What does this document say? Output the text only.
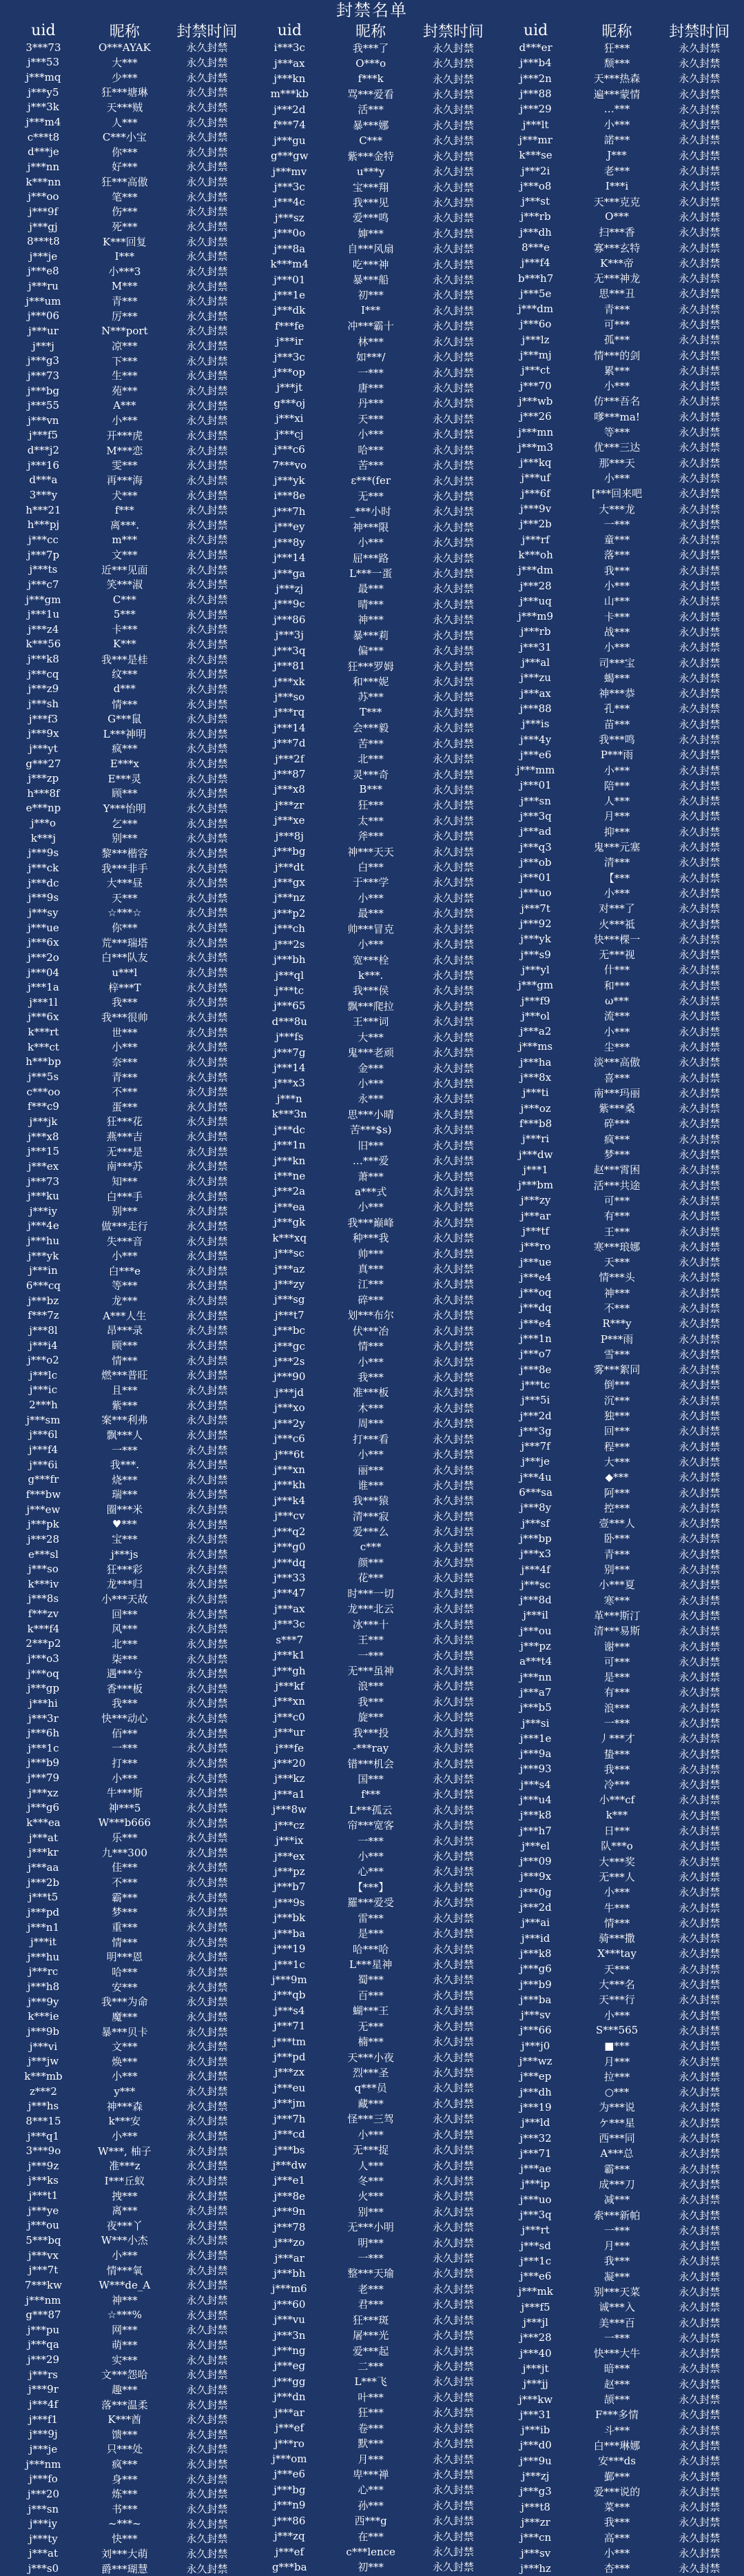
封禁名单
uid	昵称	封禁时间
3***73	O***AYAK	永久封禁
j***53	大***	永久封禁
j***mq	少***	永久封禁
j***y5	狂***塘琳	永久封禁
j***3k	天***贼	永久封禁
j***m4	人***	永久封禁
c***t8	C***小宝	永久封禁
d***je	你***	永久封禁
j***nn	好***	永久封禁
k***nn	狂***高傲	永久封禁
j***oo	笔***	永久封禁
j***9f	伤***	永久封禁
j***gj	死***	永久封禁
8***t8	K***回复	永久封禁
j***je	I***	永久封禁
j***e8	小***3	永久封禁
j***ru	M***	永久封禁
j***um	青***	永久封禁
j***06	厉***	永久封禁
j***ur	N***port	永久封禁
j***j	凉***	永久封禁
j***g3	下***	永久封禁
j***73	生***	永久封禁
j***bg	苑***	永久封禁
j***55	A***	永久封禁
j***vn	小***	永久封禁
j***f5	开***虎	永久封禁
d***j2	M***恋	永久封禁
j***16	雯***	永久封禁
d***a	再***海	永久封禁
3***y	犬***	永久封禁
h***21	f***	永久封禁
h***pj	离***.	永久封禁
j***cc	m***	永久封禁
j***7p	文***	永久封禁
j***ts	近***见面	永久封禁
j***c7	笑***淑	永久封禁
j***gm	C***	永久封禁
j***1u	5***	永久封禁
j***z4	卡***	永久封禁
k***56	K***	永久封禁
j***k8	我***是桂	永久封禁
j***cq	纹***	永久封禁
j***z9	d***	永久封禁
j***sh	情***	永久封禁
j***f3	G***鼠	永久封禁
j***9x	L***神明	永久封禁
j***yt	疯***	永久封禁
g***27	E***x	永久封禁
j***zp	E***灵	永久封禁
h***8f	顾***	永久封禁
e***np	Y***怡明	永久封禁
j***o	乞***	永久封禁
k***j	别***	永久封禁
j***9s	黎***楷容	永久封禁
j***ck	我***非手	永久封禁
j***dc	大***昼	永久封禁
j***9s	天***	永久封禁
j***sy	☆***☆	永久封禁
j***ue	你***	永久封禁
j***6x	荒***瑞塔	永久封禁
j***2o	白***队友	永久封禁
j***04	u***l	永久封禁
j***1a	梓***T	永久封禁
j***1l	我***	永久封禁
j***6x	我***很帅	永久封禁
k***rt	世***	永久封禁
k***ct	小***	永久封禁
h***bp	奈***	永久封禁
j***5s	青***	永久封禁
c***oo	不***	永久封禁
f***c9	蛋***	永久封禁
j***jk	狂***花	永久封禁
j***x8	燕***吉	永久封禁
j***15	无***是	永久封禁
j***ex	南***苏	永久封禁
j***73	知***	永久封禁
j***ku	白***手	永久封禁
j***iy	别***	永久封禁
j***4e	做***走行	永久封禁
j***hu	失***音	永久封禁
j***yk	小***	永久封禁
j***in	白***e	永久封禁
6***cq	等***	永久封禁
j***bz	龙***	永久封禁
f***7z	A***人生	永久封禁
j***8l	昂***录	永久封禁
j***i4	顾***	永久封禁
j***o2	情***	永久封禁
j***lc	燃***普旺	永久封禁
j***ic	且***	永久封禁
2***h	紫***	永久封禁
j***sm	案***利弗	永久封禁
j***6l	飘***人	永久封禁
j***f4	一***	永久封禁
j***6i	我***.	永久封禁
g***fr	烧***	永久封禁
f***bw	瑞***	永久封禁
j***ew	圈***米	永久封禁
j***pk	♥***	永久封禁
j***28	宝***	永久封禁
e***sl	j***js	永久封禁
j***so	狂***彩	永久封禁
k***iv	龙***归	永久封禁
j***8s	小***天故	永久封禁
f***zv	回***	永久封禁
k***f4	风***	永久封禁
2***p2	北***	永久封禁
j***o3	柒***	永久封禁
j***oq	遇***兮	永久封禁
j***gp	香***板	永久封禁
j***hi	我***	永久封禁
j***3r	快***动心	永久封禁
j***6h	佰***	永久封禁
j***1c	一***	永久封禁
j***b9	打***	永久封禁
j***79	小***	永久封禁
j***xz	牛***斯	永久封禁
j***g6	神***5	永久封禁
k***ea	W***b666	永久封禁
j***at	乐***	永久封禁
j***kr	九***300	永久封禁
j***aa	佳***	永久封禁
j***2b	不***	永久封禁
j***t5	霸***	永久封禁
j***pd	梦***	永久封禁
j***n1	重***	永久封禁
j***it	情***	永久封禁
j***hu	明***恩	永久封禁
j***rc	哈***	永久封禁
j***h8	安***	永久封禁
j***9y	我***为命	永久封禁
k***ie	魔***	永久封禁
j***9b	暴***贝卡	永久封禁
j***vi	文***	永久封禁
j***jw	焕***	永久封禁
k***mb	小***	永久封禁
z***2	y***	永久封禁
j***hs	神***森	永久封禁
8***15	k***安	永久封禁
j***q1	小***	永久封禁
3***9o	W***, 柚子	永久封禁
j***9z	准***z	永久封禁
j***ks	I***丘蚁	永久封禁
j***t1	拽***	永久封禁
j***ye	离***	永久封禁
j***ou	夜***丫	永久封禁
5***bq	W***小杰	永久封禁
j***vx	小***	永久封禁
j***7t	情***氧	永久封禁
7***kw	W***de_A	永久封禁
j***nm	神***	永久封禁
g***87	☆***%	永久封禁
j***pu	网***	永久封禁
j***qa	萌***	永久封禁
j***29	实***	永久封禁
j***rs	文***怨哈	永久封禁
j***9r	趣***	永久封禁
j***4f	落***温柔	永久封禁
j***f1	K***酋	永久封禁
j***9j	馈***	永久封禁
j***je	只***处	永久封禁
j***nm	疯***	永久封禁
j***fo	身***	永久封禁
j***20	炼***	永久封禁
j***sn	书***	永久封禁
j***iy	~***~	永久封禁
j***ty	快***	永久封禁
j***at	刘***大萌	永久封禁
j***s0	爵***瑚慧	永久封禁
uid	昵称	封禁时间
i***3c	我***了	永久封禁
j***ax	O***o	永久封禁
j***kn	f***k	永久封禁
m***kb	骂***爱看	永久封禁
j***2d	活***	永久封禁
f***74	暴***娜	永久封禁
j***gu	C***	永久封禁
g***gw	紫***金特	永久封禁
j***mv	u***y	永久封禁
j***3c	宝***翔	永久封禁
j***4c	我***见	永久封禁
j***sz	爱***鸣	永久封禁
j***0o	婶***	永久封禁
j***8a	自***风扇	永久封禁
k***m4	吃***神	永久封禁
j***01	暴***船	永久封禁
j***1e	初***	永久封禁
j***dk	I***	永久封禁
f***fe	冲***霸十	永久封禁
j***ir	林***	永久封禁
j***3c	如***/	永久封禁
j***op	一***	永久封禁
j***jt	唐***	永久封禁
g***oj	丹***	永久封禁
j***xi	天***	永久封禁
j***cj	小***	永久封禁
j***c6	哈***	永久封禁
7***vo	苦***	永久封禁
j***yk	ε***(fer	永久封禁
i***8e	无***	永久封禁
j***7h	_***小时	永久封禁
j***ey	神***限	永久封禁
j***8y	小***	永久封禁
j***14	屈***路	永久封禁
j***ga	L***一蛋	永久封禁
j***zj	最***	永久封禁
j***9c	晴***	永久封禁
j***86	神***	永久封禁
j***3j	暴***莉	永久封禁
j***3q	偏***	永久封禁
j***81	狂***罗姆	永久封禁
j***xk	和***妮	永久封禁
j***so	苏***	永久封禁
j***rq	T***	永久封禁
j***14	会***毅	永久封禁
j***7d	苦***	永久封禁
j***2f	北***	永久封禁
j***87	灵***奇	永久封禁
j***x8	B***	永久封禁
j***zr	狂***	永久封禁
j***xe	太***	永久封禁
j***8j	斧***	永久封禁
j***bg	神***天天	永久封禁
j***dt	白***	永久封禁
j***gx	于***学	永久封禁
j***nz	小***	永久封禁
j***p2	最***	永久封禁
j***ch	帅***冒克	永久封禁
j***2s	小***	永久封禁
j***bh	宽***栓	永久封禁
j***ql	k***.	永久封禁
j***tc	我***侯	永久封禁
j***65	飘***爬拉	永久封禁
d***8u	王***词	永久封禁
j***fs	大***	永久封禁
j***7g	鬼***老顽	永久封禁
j***14	金***	永久封禁
j***x3	小***	永久封禁
j***n	永***	永久封禁
k***3n	思***小晴	永久封禁
j***dc	苦***$s)	永久封禁
j***1n	旧***	永久封禁
j***kn	…***爱	永久封禁
i***ne	萧***	永久封禁
j***2a	a***式	永久封禁
j***ea	小***	永久封禁
j***gk	我***巅峰	永久封禁
k***xq	种***我	永久封禁
j***sc	帅***	永久封禁
j***az	真***	永久封禁
j***zy	江***	永久封禁
j***sg	碎***	永久封禁
j***t7	划***布尔	永久封禁
j***bc	伏***冶	永久封禁
j***gc	情***	永久封禁
j***2s	小***	永久封禁
j***90	我***	永久封禁
j***jd	准***板	永久封禁
j***xo	木***	永久封禁
j***2y	周***	永久封禁
j***c6	打***看	永久封禁
j***6t	小***	永久封禁
j***xn	丽***	永久封禁
j***kh	谁***	永久封禁
j***k4	我***猿	永久封禁
j***cv	清***寂	永久封禁
j***q2	爱***么	永久封禁
j***g0	c***	永久封禁
j***dq	颜***	永久封禁
j***33	花***	永久封禁
j***47	时***一切	永久封禁
j***ax	龙***北云	永久封禁
j***3c	冰***十	永久封禁
s***7	王***	永久封禁
j***k1	一***	永久封禁
j***gh	无***虽神	永久封禁
j***kf	浪***	永久封禁
j***xn	我***	永久封禁
j***c0	旋***	永久封禁
j***ur	我***投	永久封禁
j***fe	-***ray	永久封禁
j***20	错***机会	永久封禁
j***kz	国***	永久封禁
j***a1	f***	永久封禁
j***8w	L***孤云	永久封禁
j***cz	帘***宽客	永久封禁
j***ix	一***	永久封禁
j***ex	小***	永久封禁
j***pz	心***	永久封禁
j***b7	【***】	永久封禁
j***9s	羅***爱受	永久封禁
j***bk	雷***	永久封禁
j***ba	是***	永久封禁
j***19	哈***哈	永久封禁
j***1c	L***星神	永久封禁
j***9m	蜀***	永久封禁
j***qb	百***	永久封禁
j***s4	蝴***王	永久封禁
j***71	无***	永久封禁
j***tm	楠***	永久封禁
j***pd	天***小夜	永久封禁
j***zx	烈***圣	永久封禁
j***eu	q***员	永久封禁
j***jm	藏***	永久封禁
j***7h	怪***三驾	永久封禁
j***cd	小***	永久封禁
j***bs	无***捉	永久封禁
j***dw	人***	永久封禁
j***e1	冬***	永久封禁
j***8e	火***	永久封禁
j***9n	别***	永久封禁
j***78	无***小明	永久封禁
j***zo	明***	永久封禁
j***ar	一***	永久封禁
j***bh	整***天瑜	永久封禁
j***m6	老***	永久封禁
j***60	君***	永久封禁
j***vu	狂***斑	永久封禁
j***3n	屠***光	永久封禁
j***ng	爱***起	永久封禁
j***eg	二***	永久封禁
j***gg	L***飞	永久封禁
j***dn	叶***	永久封禁
j***ar	狂***	永久封禁
j***ef	卷***	永久封禁
j***ro	默***	永久封禁
j***om	月***	永久封禁
j***e6	卑***禅	永久封禁
j***bg	心***	永久封禁
j***n9	孙***	永久封禁
j***86	西***g	永久封禁
j***zq	在***	永久封禁
j***ef	c***lence	永久封禁
g***ba	初***	永久封禁
uid	昵称	封禁时间
d***er	狂***	永久封禁
j***b4	颓***	永久封禁
j***2n	天***热森	永久封禁
j***88	遍***蒙情	永久封禁
j***29	…***	永久封禁
j***lt	小***	永久封禁
j***mr	諾***	永久封禁
k***se	J***	永久封禁
j***2i	老***	永久封禁
j***o8	I***i	永久封禁
j***st	天***克克	永久封禁
j***rb	O***	永久封禁
j***dh	扫***香	永久封禁
8***e	寡***玄特	永久封禁
j***f4	K***帝	永久封禁
b***h7	无***神龙	永久封禁
j***5e	思***丑	永久封禁
j***dm	青***	永久封禁
j***6o	可***	永久封禁
j***lz	孤***	永久封禁
j***mj	情***的剑	永久封禁
j***ct	累***	永久封禁
j***70	小***	永久封禁
j***wb	仿***吾名	永久封禁
j***26	嗲***ma!	永久封禁
j***mn	等***	永久封禁
j***m3	优***三达	永久封禁
j***kq	那***天	永久封禁
j***uf	小***	永久封禁
j***6f	[***回来吧	永久封禁
j***9v	大***龙	永久封禁
j***2b	一***	永久封禁
j***rf	童***	永久封禁
k***oh	落***	永久封禁
j***dm	我***	永久封禁
j***28	小***	永久封禁
j***uq	山***	永久封禁
j***m9	卡***	永久封禁
j***rb	战***	永久封禁
j***31	小***	永久封禁
j***al	司***宝	永久封禁
j***zu	蝎***	永久封禁
j***ax	神***恭	永久封禁
j***88	孔***	永久封禁
j***is	苗***	永久封禁
j***4y	我***鸣	永久封禁
j***e6	P***雨	永久封禁
j***mm	小***	永久封禁
j***01	陪***	永久封禁
j***sn	人***	永久封禁
j***3q	月***	永久封禁
j***ad	抑***	永久封禁
j***q3	鬼***元塞	永久封禁
j***ob	清***	永久封禁
j***01	【***	永久封禁
j***uo	小***	永久封禁
j***7t	对***了	永久封禁
j***92	火***祗	永久封禁
j***yk	快***棵一	永久封禁
j***s9	无***视	永久封禁
j***yl	什***	永久封禁
j***gm	和***	永久封禁
j***f9	ω***	永久封禁
j***ol	流***	永久封禁
j***a2	小***	永久封禁
j***ms	尘***	永久封禁
j***ha	淡***高傲	永久封禁
j***8x	喜***	永久封禁
j***ti	南***玛丽	永久封禁
j***oz	紫***桑	永久封禁
f***b8	碎***	永久封禁
j***ri	疯***	永久封禁
j***dw	梦***	永久封禁
j***1	赵***霄困	永久封禁
j***bm	活***共途	永久封禁
j***zy	可***	永久封禁
j***ar	有***	永久封禁
j***tf	王***	永久封禁
j***ro	寒***琅娜	永久封禁
j***ue	天***	永久封禁
j***e4	情***头	永久封禁
j***oq	神***	永久封禁
j***dq	不***	永久封禁
j***e4	R***y	永久封禁
j***1n	P***雨	永久封禁
j***o7	雪***	永久封禁
j***8e	雾***絮同	永久封禁
j***tc	倒***	永久封禁
j***5i	沉***	永久封禁
j***2d	独***	永久封禁
j***3g	回***	永久封禁
j***7f	程***	永久封禁
j***je	大***	永久封禁
j***4u	◆***	永久封禁
6***sa	阿***	永久封禁
j***8y	控***	永久封禁
j***sf	壹***人	永久封禁
j***bp	卧***	永久封禁
j***x3	青***	永久封禁
j***4f	别***	永久封禁
j***sc	小***夏	永久封禁
j***8d	寒***	永久封禁
j***il	革***斯汀	永久封禁
j***ou	清***易斯	永久封禁
j***pz	谢***	永久封禁
a***t4	可***	永久封禁
j***nn	是***	永久封禁
j***a7	有***	永久封禁
j***b5	浪***	永久封禁
j***si	一***	永久封禁
j***1e	丿***才	永久封禁
j***9a	蛰***	永久封禁
j***93	我***	永久封禁
j***s4	冷***	永久封禁
j***u4	小***cf	永久封禁
j***k8	k***	永久封禁
j***h7	日***	永久封禁
j***el	队***o	永久封禁
j***09	大***奖	永久封禁
j***9x	无***人	永久封禁
j***0g	小***	永久封禁
j***2d	牛***	永久封禁
j***ai	情***	永久封禁
j***id	骑***撒	永久封禁
j***k8	X***tay	永久封禁
j***g6	天***	永久封禁
j***b9	大***名	永久封禁
j***ba	天***行	永久封禁
j***sv	小***	永久封禁
j***66	S***565	永久封禁
j***j0	■***	永久封禁
j***wz	月***	永久封禁
j***ep	拉***	永久封禁
j***dh	○***	永久封禁
j***19	为***说	永久封禁
j***ld	ケ***星	永久封禁
j***32	西***同	永久封禁
j***71	A***总	永久封禁
j***ae	霸***	永久封禁
j***ip	成***刀	永久封禁
j***uo	减***	永久封禁
j***3q	索***新帕	永久封禁
j***rt	一***	永久封禁
j***sd	月***	永久封禁
j***1c	我***	永久封禁
j***e6	凝***	永久封禁
j***mk	别***天菜	永久封禁
j***f5	诚***入	永久封禁
j***jl	美***百	永久封禁
j***28	一***	永久封禁
j***40	快***大牛	永久封禁
j***jt	暗***	永久封禁
j***jj	赵***	永久封禁
j***kw	颉***	永久封禁
j***31	F***多情	永久封禁
j***ib	斗***	永久封禁
j***d0	白***琳娜	永久封禁
j***9u	安***ds	永久封禁
j***zj	鄞***	永久封禁
j***g3	爱***说的	永久封禁
j***t8	菜***	永久封禁
j***zr	我***	永久封禁
j***cn	高***	永久封禁
j***sv	小***	永久封禁
j***hz	杏***	永久封禁
